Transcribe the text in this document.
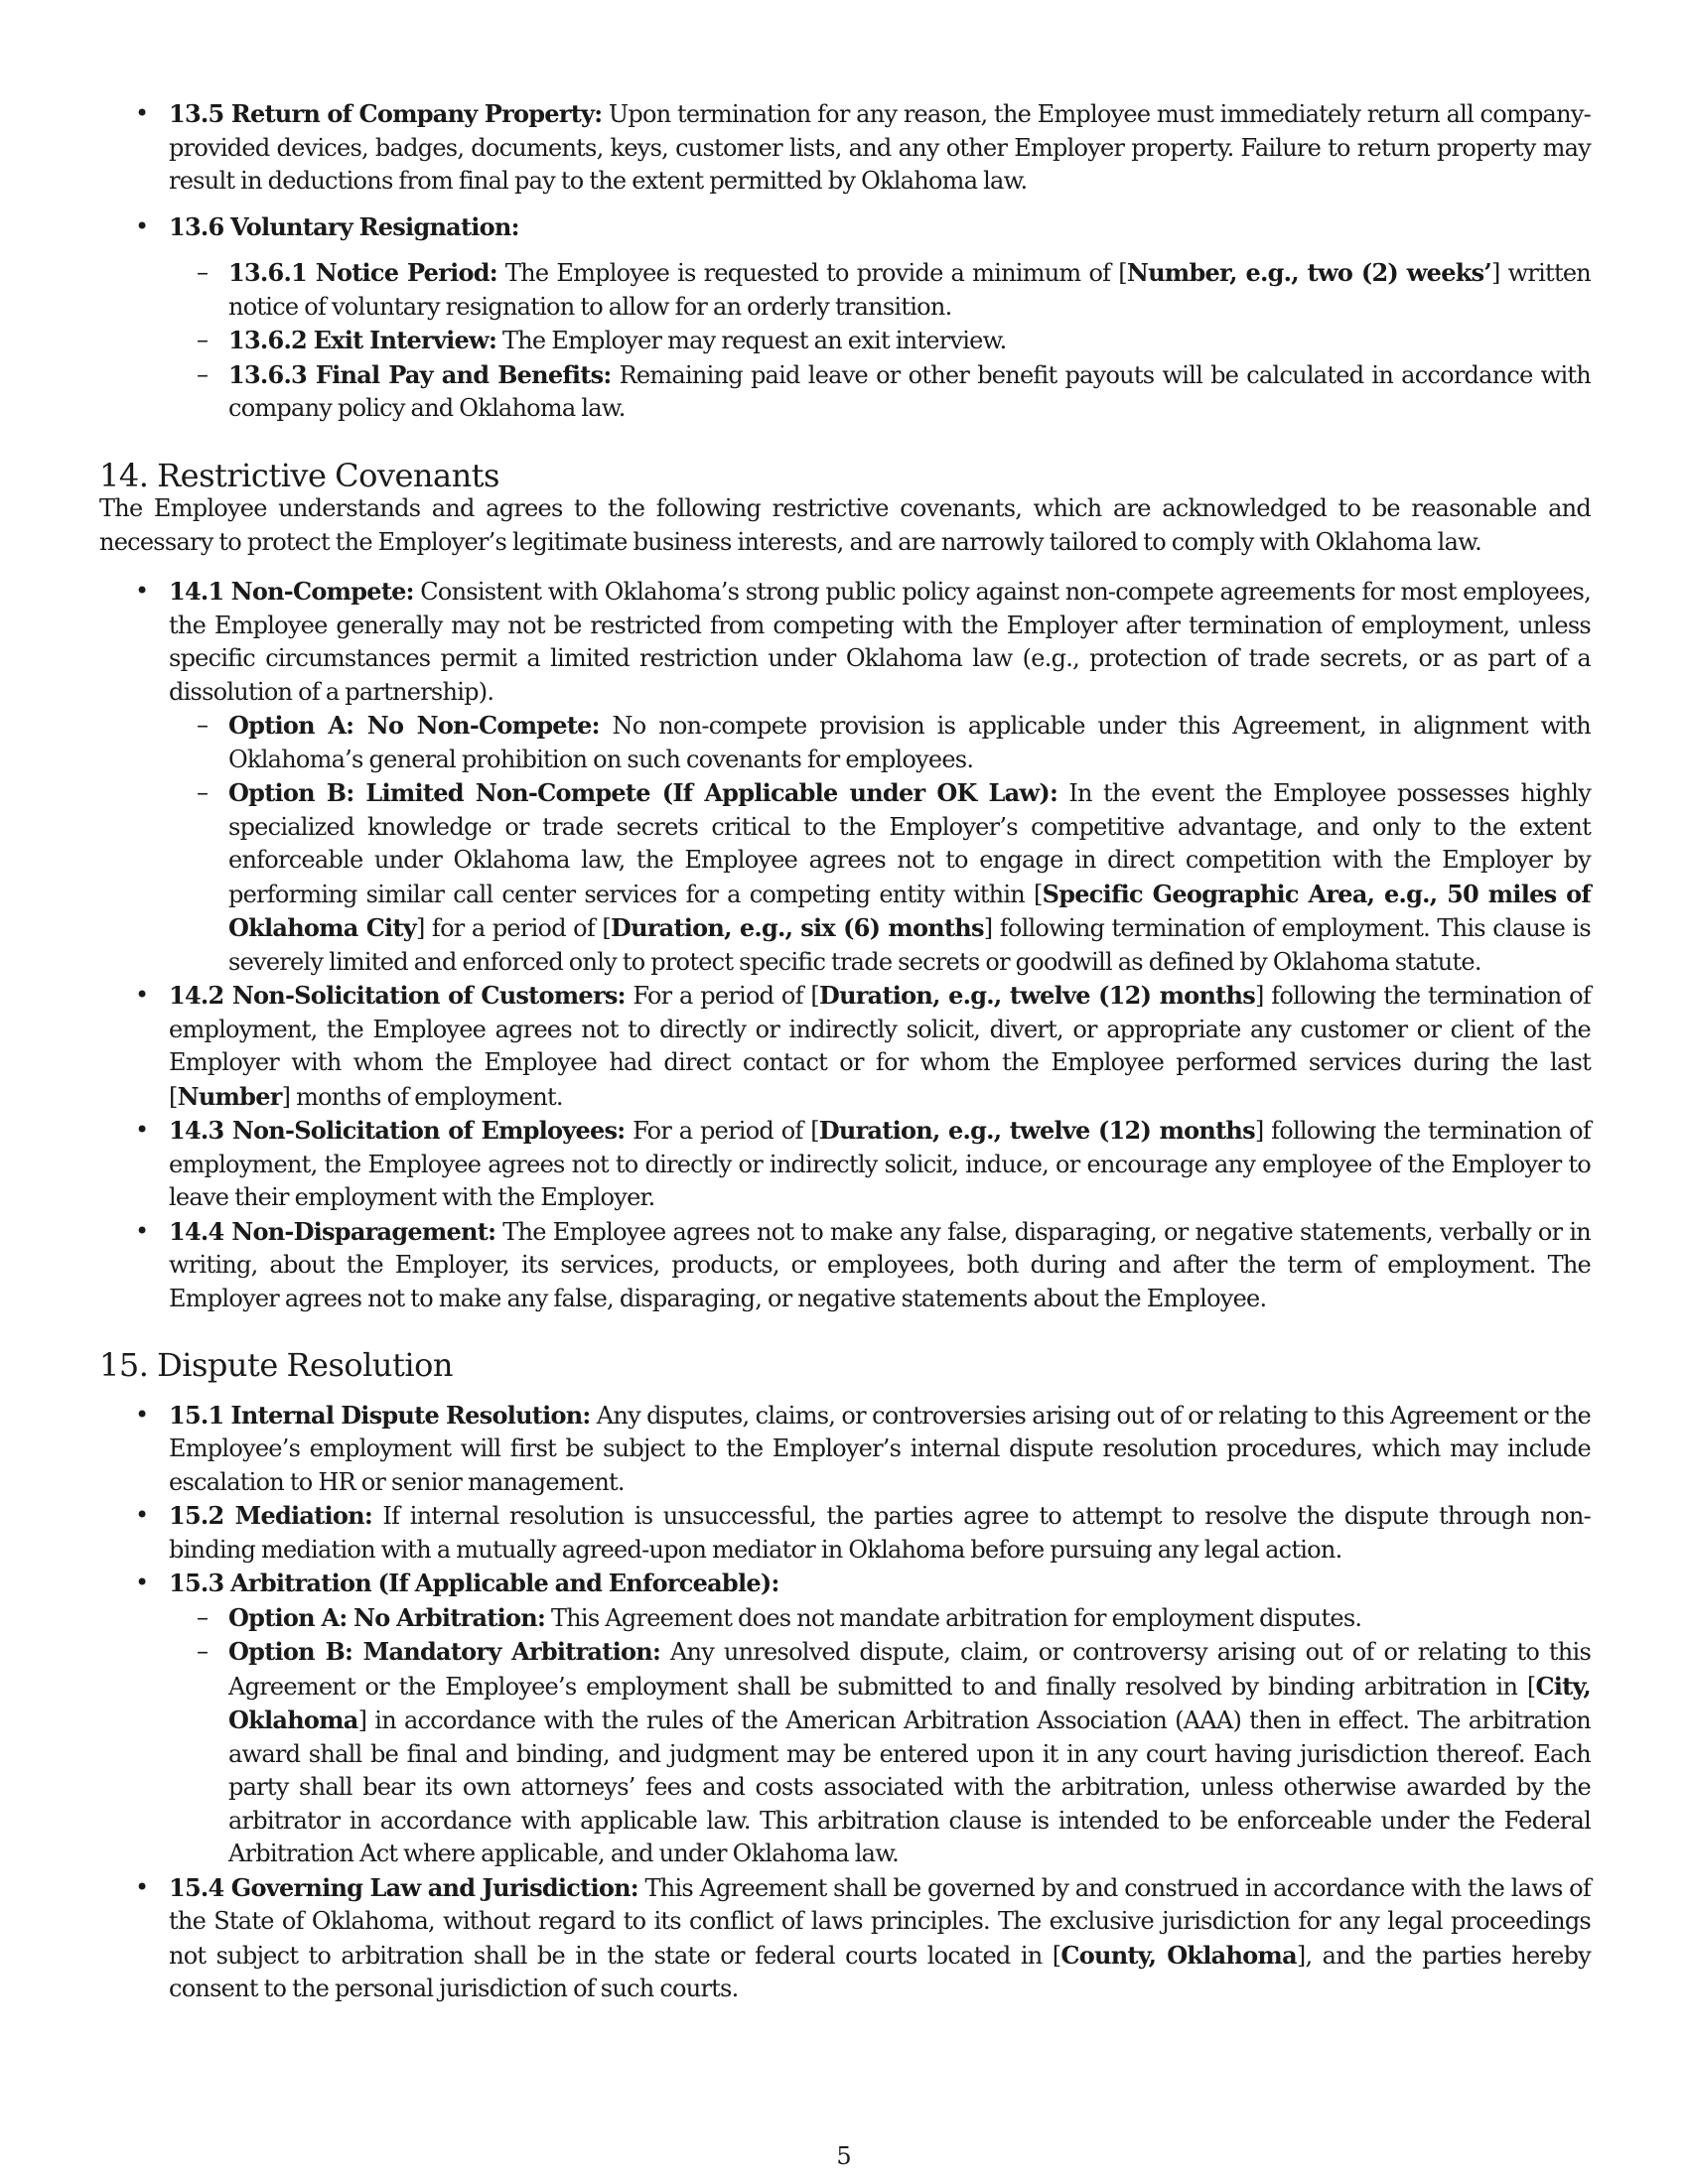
• 13.5 Return of Company Property: Upon termination for any reason, the Employee must immediately return all company-provided devices, badges, documents, keys, customer lists, and any other Employer property. Failure to return property may result in deductions from final pay to the extent permitted by Oklahoma law.
• 13.6 Voluntary Resignation:
– 13.6.1 Notice Period: The Employee is requested to provide a minimum of [Number, e.g., two (2) weeks’] written notice of voluntary resignation to allow for an orderly transition.
– 13.6.2 Exit Interview: The Employer may request an exit interview.
– 13.6.3 Final Pay and Benefits: Remaining paid leave or other benefit payouts will be calculated in accordance with company policy and Oklahoma law.
14. Restrictive Covenants

The Employee understands and agrees to the following restrictive covenants, which are acknowledged to be reasonable and necessary to protect the Employer’s legitimate business interests, and are narrowly tailored to comply with Oklahoma law.

• 14.1 Non-Compete: Consistent with Oklahoma’s strong public policy against non-compete agreements for most employees, the Employee generally may not be restricted from competing with the Employer after termination of employment, unless specific circumstances permit a limited restriction under Oklahoma law (e.g., protection of trade secrets, or as part of a dissolution of a partnership).
– Option A: No Non-Compete: No non-compete provision is applicable under this Agreement, in alignment with Oklahoma’s general prohibition on such covenants for employees.
– Option B: Limited Non-Compete (If Applicable under OK Law): In the event the Employee possesses highly specialized knowledge or trade secrets critical to the Employer’s competitive advantage, and only to the extent enforceable under Oklahoma law, the Employee agrees not to engage in direct competition with the Employer by performing similar call center services for a competing entity within [Specific Geographic Area, e.g., 50 miles of Oklahoma City] for a period of [Duration, e.g., six (6) months] following termination of employment. This clause is severely limited and enforced only to protect specific trade secrets or goodwill as defined by Oklahoma statute.
• 14.2 Non-Solicitation of Customers: For a period of [Duration, e.g., twelve (12) months] following the termination of employment, the Employee agrees not to directly or indirectly solicit, divert, or appropriate any customer or client of the Employer with whom the Employee had direct contact or for whom the Employee performed services during the last [Number] months of employment.
• 14.3 Non-Solicitation of Employees: For a period of [Duration, e.g., twelve (12) months] following the termination of employment, the Employee agrees not to directly or indirectly solicit, induce, or encourage any employee of the Employer to leave their employment with the Employer.
• 14.4 Non-Disparagement: The Employee agrees not to make any false, disparaging, or negative statements, verbally or in writing, about the Employer, its services, products, or employees, both during and after the term of employment. The Employer agrees not to make any false, disparaging, or negative statements about the Employee.
15. Dispute Resolution
• 15.1 Internal Dispute Resolution: Any disputes, claims, or controversies arising out of or relating to this Agreement or the Employee’s employment will first be subject to the Employer’s internal dispute resolution procedures, which may include escalation to HR or senior management.
• 15.2 Mediation: If internal resolution is unsuccessful, the parties agree to attempt to resolve the dispute through non-binding mediation with a mutually agreed-upon mediator in Oklahoma before pursuing any legal action.
• 15.3 Arbitration (If Applicable and Enforceable):
– Option A: No Arbitration: This Agreement does not mandate arbitration for employment disputes.
– Option B: Mandatory Arbitration: Any unresolved dispute, claim, or controversy arising out of or relating to this Agreement or the Employee’s employment shall be submitted to and finally resolved by binding arbitration in [City, Oklahoma] in accordance with the rules of the American Arbitration Association (AAA) then in effect. The arbitration award shall be final and binding, and judgment may be entered upon it in any court having jurisdiction thereof. Each party shall bear its own attorneys’ fees and costs associated with the arbitration, unless otherwise awarded by the arbitrator in accordance with applicable law. This arbitration clause is intended to be enforceable under the Federal Arbitration Act where applicable, and under Oklahoma law.
• 15.4 Governing Law and Jurisdiction: This Agreement shall be governed by and construed in accordance with the laws of the State of Oklahoma, without regard to its conflict of laws principles. The exclusive jurisdiction for any legal proceedings not subject to arbitration shall be in the state or federal courts located in [County, Oklahoma], and the parties hereby consent to the personal jurisdiction of such courts.
5
